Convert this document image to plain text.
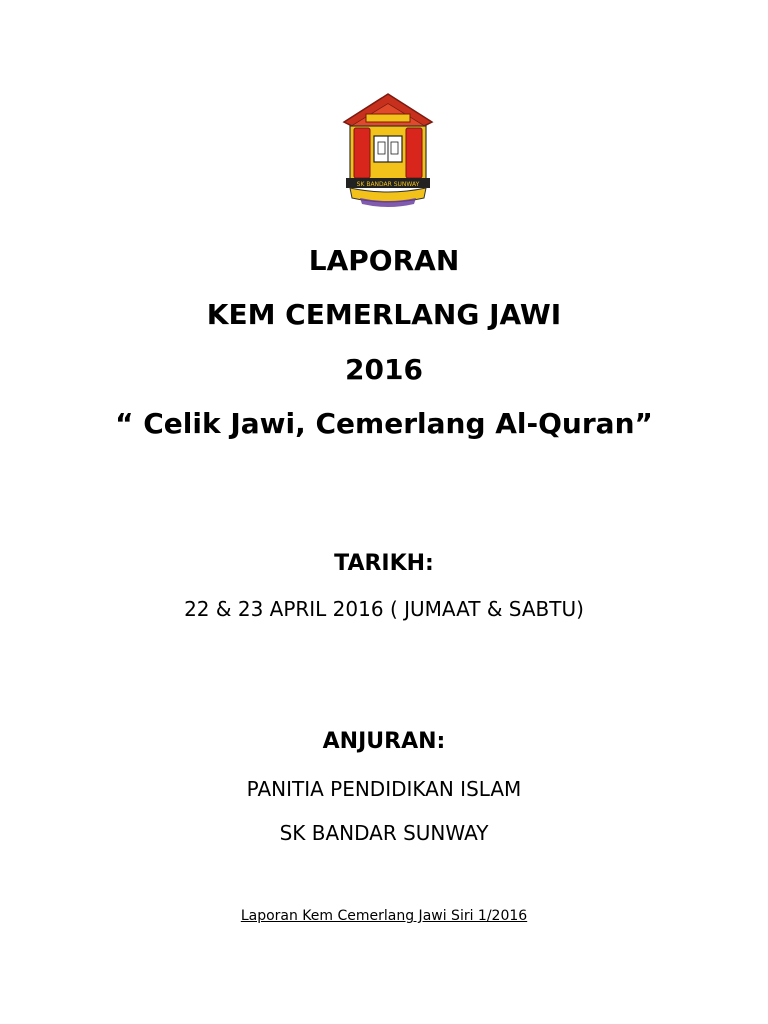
SK BANDAR SUNWAY
LAPORAN
KEM CEMERLANG JAWI
2016
“ Celik Jawi, Cemerlang Al-Quran”
TARIKH:
22 & 23 APRIL 2016 ( JUMAAT & SABTU)
ANJURAN:
PANITIA PENDIDIKAN ISLAM
SK BANDAR SUNWAY
Laporan Kem Cemerlang Jawi Siri 1/2016
